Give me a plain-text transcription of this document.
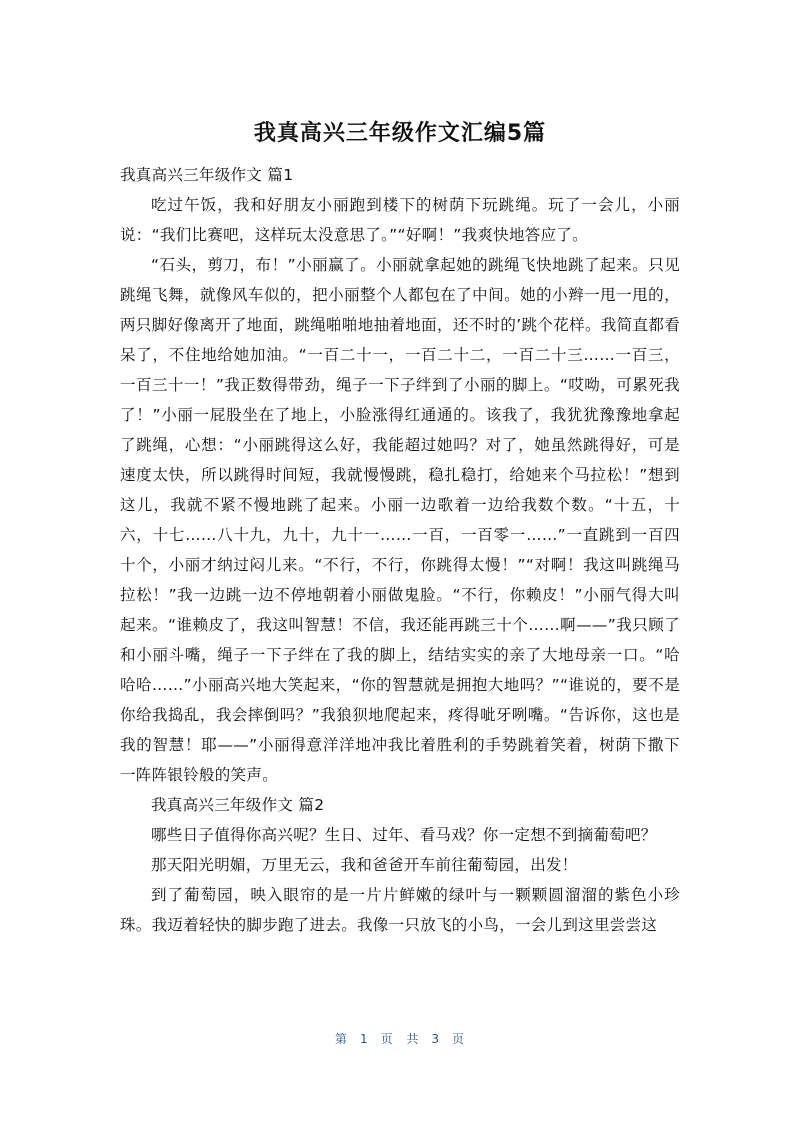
我真高兴三年级作文汇编5篇

我真高兴三年级作文 篇1

吃过午饭，我和好朋友小丽跑到楼下的树荫下玩跳绳。玩了一会儿，小丽说：“我们比赛吧，这样玩太没意思了。”“好啊！”我爽快地答应了。

“石头，剪刀，布！”小丽赢了。小丽就拿起她的跳绳飞快地跳了起来。只见跳绳飞舞，就像风车似的，把小丽整个人都包在了中间。她的小辫一甩一甩的，两只脚好像离开了地面，跳绳啪啪地抽着地面，还不时的’跳个花样。我简直都看呆了，不住地给她加油。“一百二十一，一百二十二，一百二十三……一百三，一百三十一！”我正数得带劲，绳子一下子绊到了小丽的脚上。“哎呦，可累死我了！”小丽一屁股坐在了地上，小脸涨得红通通的。该我了，我犹犹豫豫地拿起了跳绳，心想：“小丽跳得这么好，我能超过她吗？对了，她虽然跳得好，可是速度太快，所以跳得时间短，我就慢慢跳，稳扎稳打，给她来个马拉松！”想到这儿，我就不紧不慢地跳了起来。小丽一边歌着一边给我数个数。“十五，十六，十七……八十九，九十，九十一……一百，一百零一……”一直跳到一百四十个，小丽才纳过闷儿来。“不行，不行，你跳得太慢！”“对啊！我这叫跳绳马拉松！”我一边跳一边不停地朝着小丽做鬼脸。“不行，你赖皮！”小丽气得大叫起来。“谁赖皮了，我这叫智慧！不信，我还能再跳三十个……啊——”我只顾了和小丽斗嘴，绳子一下子绊在了我的脚上，结结实实的亲了大地母亲一口。“哈哈哈……”小丽高兴地大笑起来，“你的智慧就是拥抱大地吗？”“谁说的，要不是你给我捣乱，我会摔倒吗？”我狼狈地爬起来，疼得呲牙咧嘴。“告诉你，这也是我的智慧！耶——”小丽得意洋洋地冲我比着胜利的手势跳着笑着，树荫下撒下一阵阵银铃般的笑声。

我真高兴三年级作文 篇2

哪些日子值得你高兴呢？生日、过年、看马戏？你一定想不到摘葡萄吧？

那天阳光明媚，万里无云，我和爸爸开车前往葡萄园，出发！

到了葡萄园，映入眼帘的是一片片鲜嫩的绿叶与一颗颗圆溜溜的紫色小珍珠。我迈着轻快的脚步跑了进去。我像一只放飞的小鸟，一会儿到这里尝尝这

第 1 页 共 3 页
